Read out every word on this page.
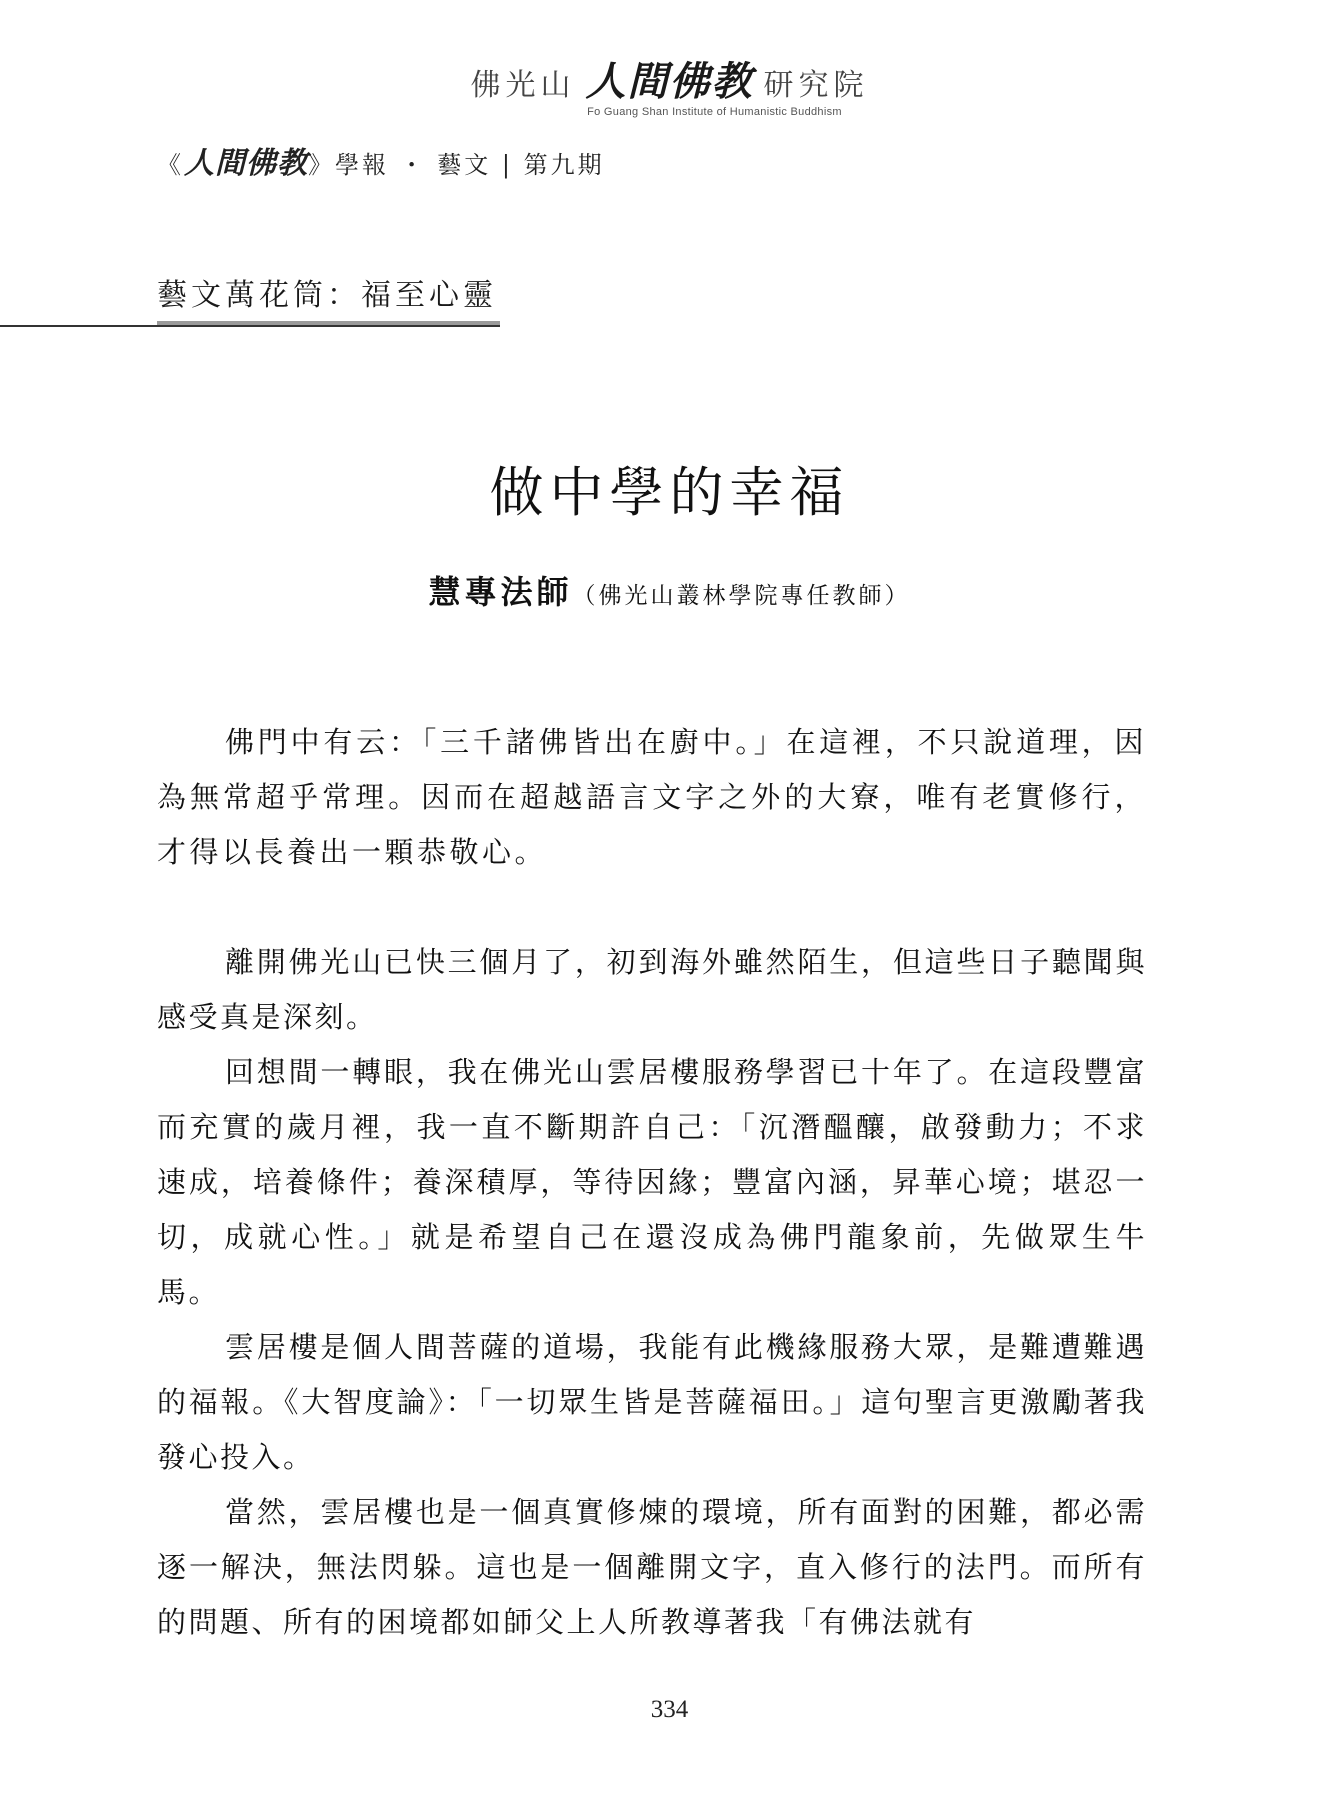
佛光山 人間佛教 研究院
Fo Guang Shan Institute of Humanistic Buddhism
《人間佛教》學報 ・ 藝文 | 第九期
藝文萬花筒：福至心靈
做中學的幸福
慧專法師（佛光山叢林學院專任教師）

佛門中有云：「三千諸佛皆出在廚中。」在這裡，不只說道理，因為無常超乎常理。因而在超越語言文字之外的大寮，唯有老實修行，才得以長養出一顆恭敬心。

離開佛光山已快三個月了，初到海外雖然陌生，但這些日子聽聞與感受真是深刻。

回想間一轉眼，我在佛光山雲居樓服務學習已十年了。在這段豐富而充實的歲月裡，我一直不斷期許自己：「沉潛醞釀，啟發動力；不求速成，培養條件；養深積厚，等待因緣；豐富內涵，昇華心境；堪忍一切，成就心性。」就是希望自己在還沒成為佛門龍象前，先做眾生牛馬。

雲居樓是個人間菩薩的道場，我能有此機緣服務大眾，是難遭難遇的福報。《大智度論》：「一切眾生皆是菩薩福田。」這句聖言更激勵著我發心投入。

當然，雲居樓也是一個真實修煉的環境，所有面對的困難，都必需逐一解決，無法閃躲。這也是一個離開文字，直入修行的法門。而所有的問題、所有的困境都如師父上人所教導著我「有佛法就有

334
